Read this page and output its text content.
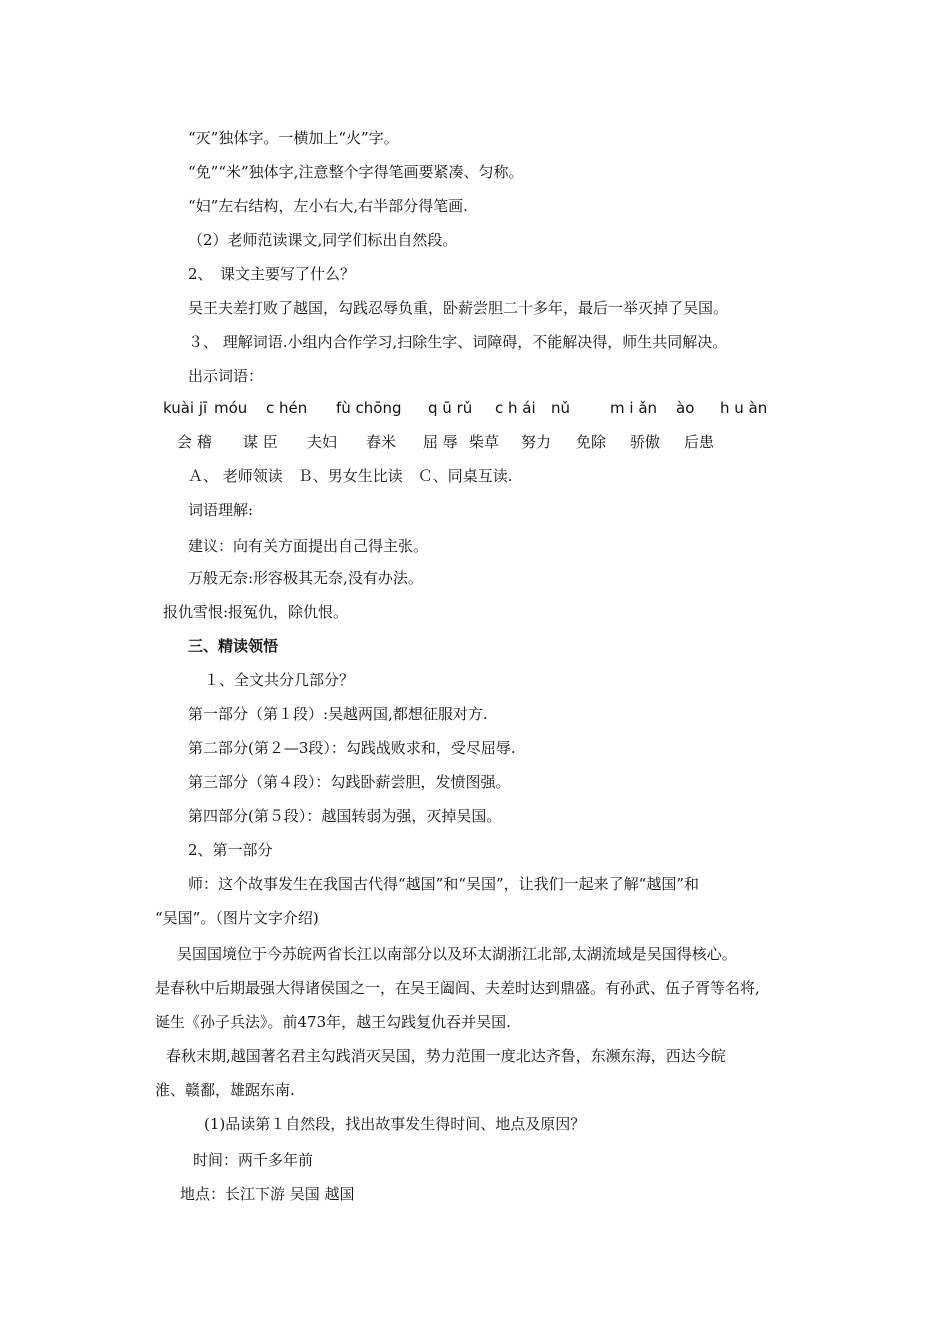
“灭”独体字。一横加上“火”字。
“免”“米”独体字,注意整个字得笔画要紧凑、匀称。
“妇”左右结构，左小右大,右半部分得笔画.
（2）老师范读课文,同学们标出自然段。
2、　课文主要写了什么？
吴王夫差打败了越国，勾践忍辱负重，卧薪尝胆二十多年，最后一举灭掉了吴国。
３、 理解词语.小组内合作学习,扫除生字、词障碍，不能解决得，师生共同解决。
出示词语：
kuài jī móu c hén fù chōng q ū rǔ c h ái nǔ	m i ǎn ào h u àn
会 稽 谋 臣 夫妇 舂米 屈 辱 柴草 努力 免除 骄傲 后患
Ａ、 老师领读　Ｂ、男女生比读　Ｃ、同桌互读.
词语理解:
建议：向有关方面提出自己得主张。
万般无奈:形容极其无奈,没有办法。
报仇雪恨:报冤仇，除仇恨。
三、精读领悟
１、全文共分几部分？
第一部分（第１段）:吴越两国,都想征服对方.
第二部分(第２—3段）：勾践战败求和，受尽屈辱.
第三部分（第４段）：勾践卧薪尝胆，发愤图强。
第四部分(第５段）：越国转弱为强，灭掉吴国。
2、第一部分
师：这个故事发生在我国古代得“越国”和“吴国”，让我们一起来了解“越国”和
“吴国”。（图片文字介绍)
吴国国境位于今苏皖两省长江以南部分以及环太湖浙江北部,太湖流域是吴国得核心。
是春秋中后期最强大得诸侯国之一，在吴王阖闾、夫差时达到鼎盛。有孙武、伍子胥等名将,
诞生《孙子兵法》。前473年，越王勾践复仇吞并吴国.
春秋末期,越国著名君主勾践消灭吴国，势力范围一度北达齐鲁，东濒东海，西达今皖
淮、赣鄱，雄踞东南.
(1)品读第１自然段，找出故事发生得时间、地点及原因？
时间：两千多年前
地点：长江下游 吴国 越国
